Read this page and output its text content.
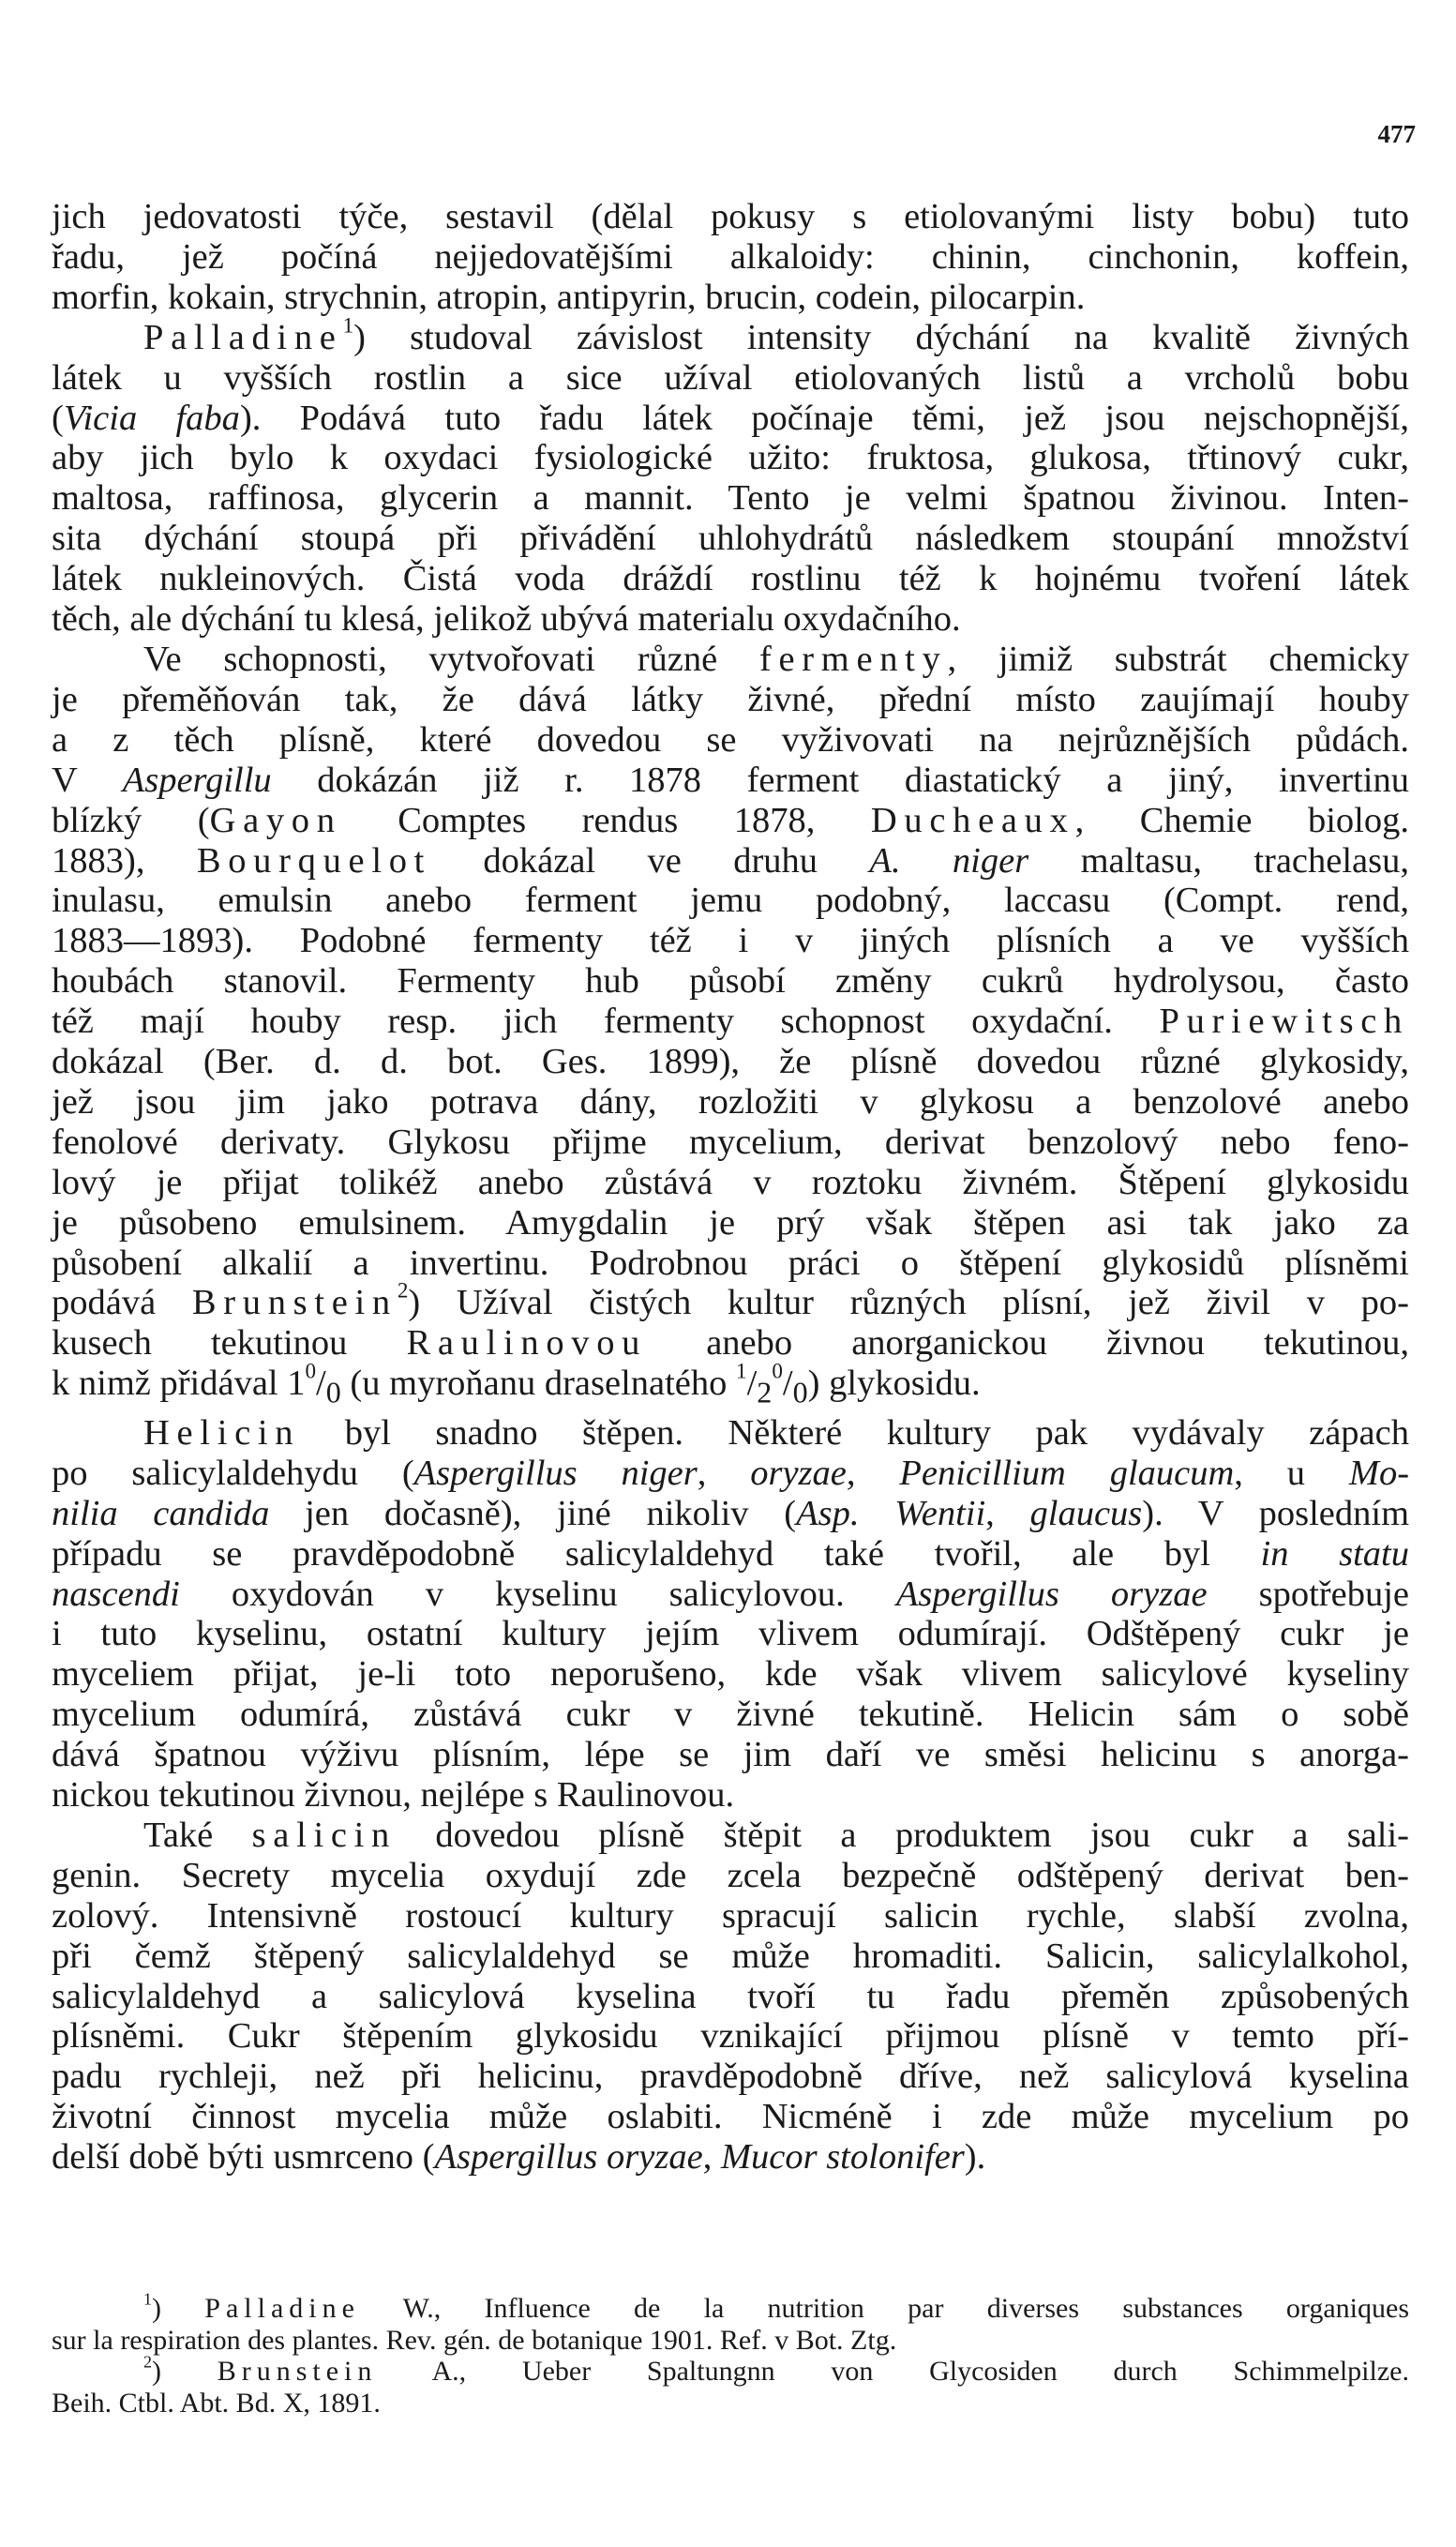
477
jich jedovatosti týče, sestavil (dělal pokusy s etiolovanými listy bobu) tuto
řadu, jež počíná nejjedovatějšími alkaloidy: chinin, cinchonin, koffein,
morfin, kokain, strychnin, atropin, antipyrin, brucin, codein, pilocarpin.
Palladine$^1$) studoval závislost intensity dýchání na kvalitě živných
látek u vyšších rostlin a sice užíval etiolovaných listů a vrcholů bobu
(Vicia faba). Podává tuto řadu látek počínaje těmi, jež jsou nejschopnější,
aby jich bylo k oxydaci fysiologické užito: fruktosa, glukosa, třtinový cukr,
maltosa, raffinosa, glycerin a mannit. Tento je velmi špatnou živinou. Inten-
sita dýchání stoupá při přivádění uhlohydrátů následkem stoupání množství
látek nukleinových. Čistá voda dráždí rostlinu též k hojnému tvoření látek
těch, ale dýchání tu klesá, jelikož ubývá materialu oxydačního.
Ve schopnosti, vytvořovati různé fermenty, jimiž substrát chemicky
je přeměňován tak, že dává látky živné, přední místo zaujímají houby
a z těch plísně, které dovedou se vyživovati na nejrůznějších půdách.
V Aspergillu dokázán již r. 1878 ferment diastatický a jiný, invertinu
blízký (Gayon Comptes rendus 1878, Ducheaux, Chemie biolog.
1883), Bourquelot dokázal ve druhu A. niger maltasu, trachelasu,
inulasu, emulsin anebo ferment jemu podobný, laccasu (Compt. rend,
1883—1893). Podobné fermenty též i v jiných plísních a ve vyšších
houbách stanovil. Fermenty hub působí změny cukrů hydrolysou, často
též mají houby resp. jich fermenty schopnost oxydační. Puriewitsch
dokázal (Ber. d. d. bot. Ges. 1899), že plísně dovedou různé glykosidy,
jež jsou jim jako potrava dány, rozložiti v glykosu a benzolové anebo
fenolové derivaty. Glykosu přijme mycelium, derivat benzolový nebo feno-
lový je přijat tolikéž anebo zůstává v roztoku živném. Štěpení glykosidu
je působeno emulsinem. Amygdalin je prý však štěpen asi tak jako za
působení alkalií a invertinu. Podrobnou práci o štěpení glykosidů plísněmi
podává Brunstein$^2$) Užíval čistých kultur různých plísní, jež živil v po-
kusech tekutinou Raulinovou anebo anorganickou živnou tekutinou,
k nimž přidával $1^0/_0$ (u myroňanu draselnatého $^1/_2^0/_0$) glykosidu.
Helicin byl snadno štěpen. Některé kultury pak vydávaly zápach
po salicylaldehydu (Aspergillus niger, oryzae, Penicillium glaucum, u Mo-
nilia candida jen dočasně), jiné nikoliv (Asp. Wentii, glaucus). V posledním
případu se pravděpodobně salicylaldehyd také tvořil, ale byl in statu
nascendi oxydován v kyselinu salicylovou. Aspergillus oryzae spotřebuje
i tuto kyselinu, ostatní kultury jejím vlivem odumírají. Odštěpený cukr je
myceliem přijat, je-li toto neporušeno, kde však vlivem salicylové kyseliny
mycelium odumírá, zůstává cukr v živné tekutině. Helicin sám o sobě
dává špatnou výživu plísním, lépe se jim daří ve směsi helicinu s anorga-
nickou tekutinou živnou, nejlépe s Raulinovou.
Také salicin dovedou plísně štěpit a produktem jsou cukr a sali-
genin. Secrety mycelia oxydují zde zcela bezpečně odštěpený derivat ben-
zolový. Intensivně rostoucí kultury spracují salicin rychle, slabší zvolna,
při čemž štěpený salicylaldehyd se může hromaditi. Salicin, salicylalkohol,
salicylaldehyd a salicylová kyselina tvoří tu řadu přeměn způsobených
plísněmi. Cukr štěpením glykosidu vznikající přijmou plísně v temto pří-
padu rychleji, než při helicinu, pravděpodobně dříve, než salicylová kyselina
životní činnost mycelia může oslabiti. Nicméně i zde může mycelium po
delší době býti usmrceno (Aspergillus oryzae, Mucor stolonifer).
$^1$) Palladine W., Influence de la nutrition par diverses substances organiques
sur la respiration des plantes. Rev. gén. de botanique 1901. Ref. v Bot. Ztg.
$^2$) Brunstein A., Ueber Spaltungnn von Glycosiden durch Schimmelpilze.
Beih. Ctbl. Abt. Bd. X, 1891.
